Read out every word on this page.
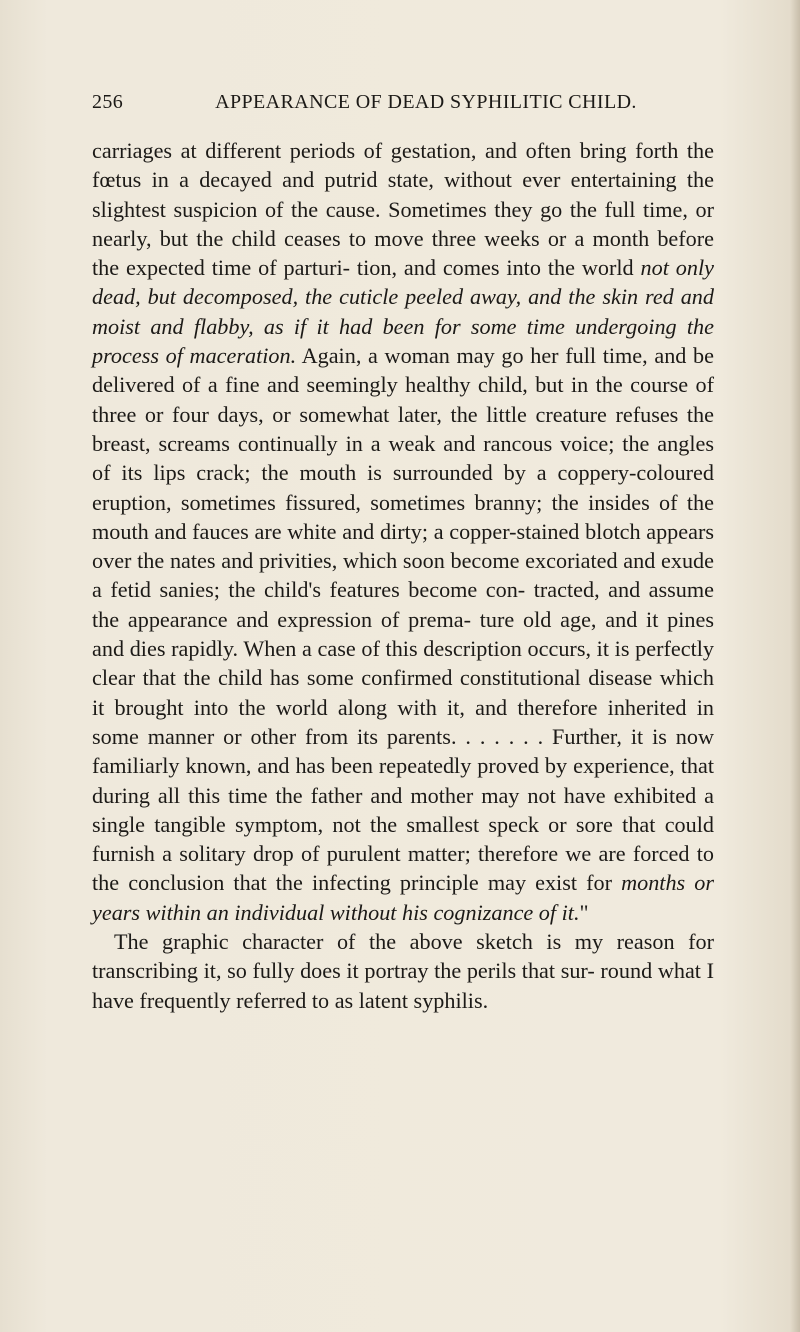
256	APPEARANCE OF DEAD SYPHILITIC CHILD.

carriages at different periods of gestation, and often bring forth the fœtus in a decayed and putrid state, without ever entertaining the slightest suspicion of the cause. Sometimes they go the full time, or nearly, but the child ceases to move three weeks or a month before the expected time of parturi- tion, and comes into the world not only dead, but decomposed, the cuticle peeled away, and the skin red and moist and flabby, as if it had been for some time undergoing the process of maceration. Again, a woman may go her full time, and be delivered of a fine and seemingly healthy child, but in the course of three or four days, or somewhat later, the little creature refuses the breast, screams continually in a weak and rancous voice; the angles of its lips crack; the mouth is surrounded by a coppery-coloured eruption, sometimes fissured, sometimes branny; the insides of the mouth and fauces are white and dirty; a copper-stained blotch appears over the nates and privities, which soon become excoriated and exude a fetid sanies; the child's features become con- tracted, and assume the appearance and expression of prema- ture old age, and it pines and dies rapidly. When a case of this description occurs, it is perfectly clear that the child has some confirmed constitutional disease which it brought into the world along with it, and therefore inherited in some manner or other from its parents. . . . . . . Further, it is now familiarly known, and has been repeatedly proved by experience, that during all this time the father and mother may not have exhibited a single tangible symptom, not the smallest speck or sore that could furnish a solitary drop of purulent matter; therefore we are forced to the conclusion that the infecting principle may exist for months or years within an individual without his cognizance of it."

The graphic character of the above sketch is my reason for transcribing it, so fully does it portray the perils that sur- round what I have frequently referred to as latent syphilis.
